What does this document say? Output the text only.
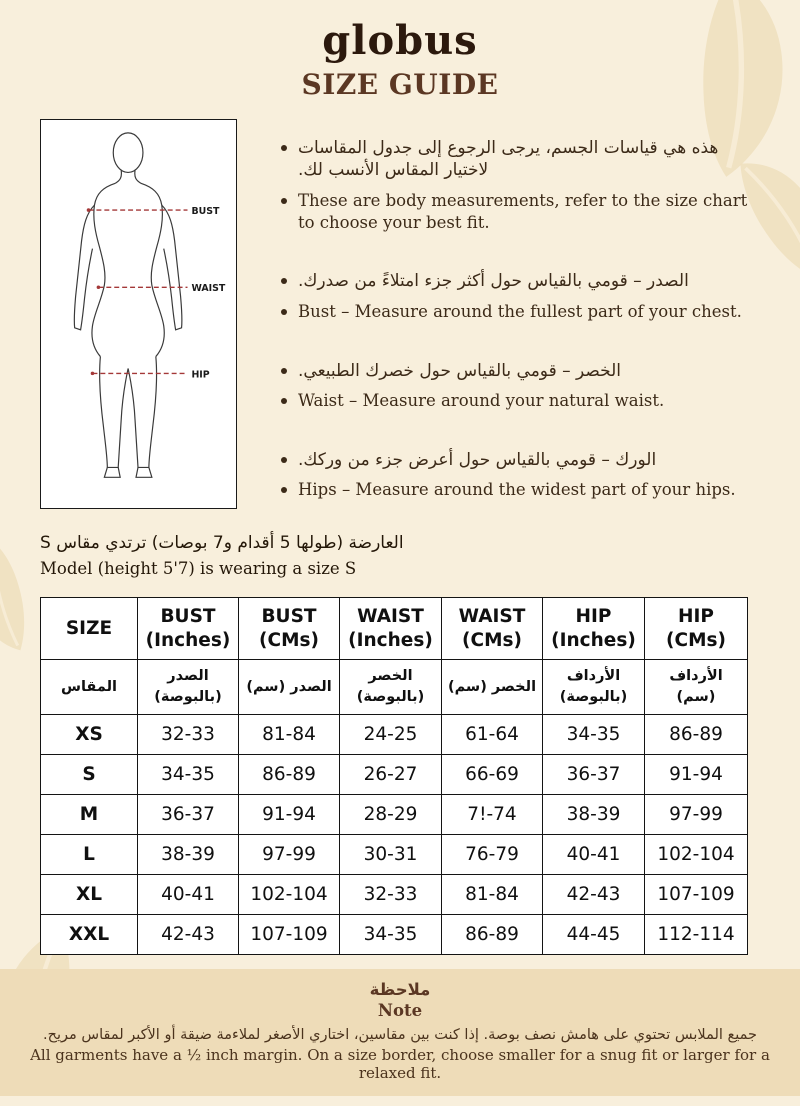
globus
SIZE GUIDE
BUST
WAIST
HIP
هذه هي قياسات الجسم، يرجى الرجوع إلى جدول المقاسات لاختيار المقاس الأنسب لك.
These are body measurements, refer to the size chart to choose your best fit.
الصدر – قومي بالقياس حول أكثر جزء امتلاءً من صدرك.
Bust – Measure around the fullest part of your chest.
الخصر – قومي بالقياس حول خصرك الطبيعي.
Waist – Measure around your natural waist.
الورك – قومي بالقياس حول أعرض جزء من وركك.
Hips – Measure around the widest part of your hips.
العارضة (طولها 5 أقدام و7 بوصات) ترتدي مقاس S
Model (height 5'7) is wearing a size S
SIZE	BUST (Inches)	BUST (CMs)	WAIST (Inches)	WAIST (CMs)	HIP (Inches)	HIP (CMs)
المقاس	الصدر (بالبوصة)	الصدر (سم)	الخصر (بالبوصة)	الخصر (سم)	الأرداف (بالبوصة)	الأرداف (سم)
XS	32-33	81-84	24-25	61-64	34-35	86-89
S	34-35	86-89	26-27	66-69	36-37	91-94
M	36-37	91-94	28-29	7!-74	38-39	97-99
L	38-39	97-99	30-31	76-79	40-41	102-104
XL	40-41	102-104	32-33	81-84	42-43	107-109
XXL	42-43	107-109	34-35	86-89	44-45	112-114
ملاحظة
Note
جميع الملابس تحتوي على هامش نصف بوصة. إذا كنت بين مقاسين، اختاري الأصغر لملاءمة ضيقة أو الأكبر لمقاس مريح.
All garments have a ½ inch margin. On a size border, choose smaller for a snug fit or larger for a relaxed fit.
